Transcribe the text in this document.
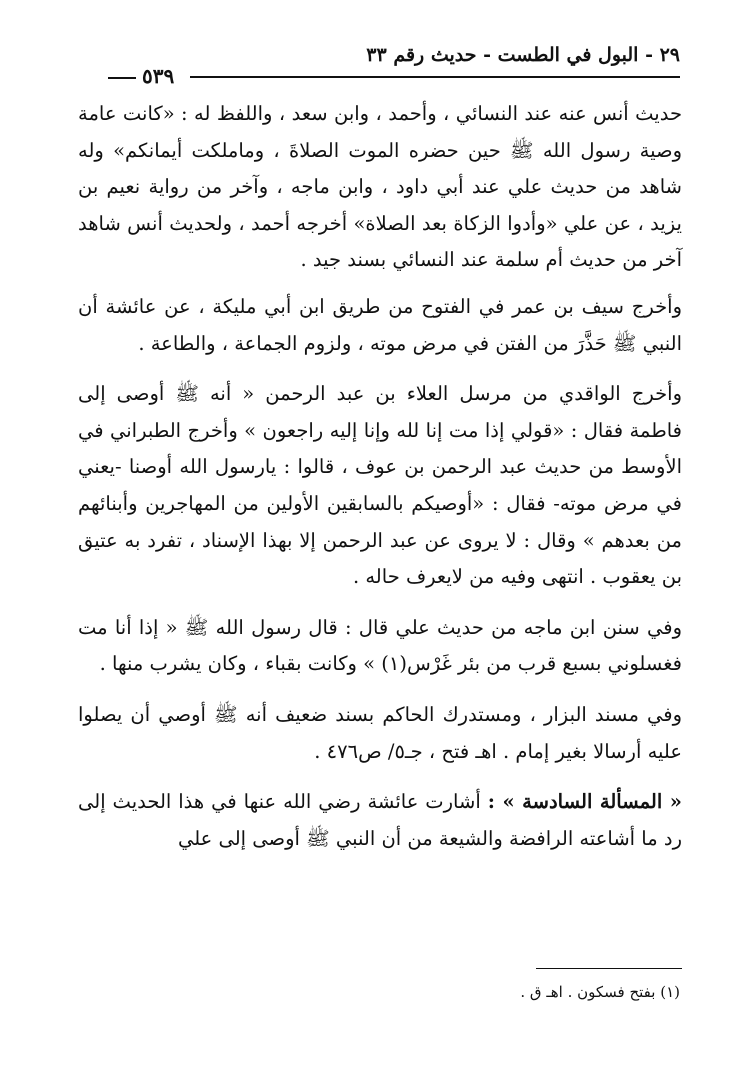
٢٩ - البول في الطست - حديث رقم ٣٣
٥٣٩

حديث أنس عنه عند النسائي ، وأحمد ، وابن سعد ، واللفظ له : «كانت عامة وصية رسول الله ﷺ حين حضره الموت الصلاةَ ، وماملكت أيمانكم» وله شاهد من حديث علي عند أبي داود ، وابن ماجه ، وآخر من رواية نعيم بن يزيد ، عن علي «وأدوا الزكاة بعد الصلاة» أخرجه أحمد ، ولحديث أنس شاهد آخر من حديث أم سلمة عند النسائي بسند جيد .

وأخرج سيف بن عمر في الفتوح من طريق ابن أبي مليكة ، عن عائشة أن النبي ﷺ حَذَّرَ من الفتن في مرض موته ، ولزوم الجماعة ، والطاعة .

وأخرج الواقدي من مرسل العلاء بن عبد الرحمن « أنه ﷺ أوصى إلى فاطمة فقال : «قولي إذا مت إنا لله وإنا إليه راجعون » وأخرج الطبراني في الأوسط من حديث عبد الرحمن بن عوف ، قالوا : يارسول الله أوصنا -يعني في مرض موته- فقال : «أوصيكم بالسابقين الأولين من المهاجرين وأبنائهم من بعدهم » وقال : لا يروى عن عبد الرحمن إلا بهذا الإسناد ، تفرد به عتيق بن يعقوب . انتهى وفيه من لايعرف حاله .

وفي سنن ابن ماجه من حديث علي قال : قال رسول الله ﷺ « إذا أنا مت فغسلوني بسبع قرب من بئر غَرْس(١) » وكانت بقباء ، وكان يشرب منها .

وفي مسند البزار ، ومستدرك الحاكم بسند ضعيف أنه ﷺ أوصي أن يصلوا عليه أرسالا بغير إمام . اهـ فتح ، جـ٥/ ص٤٧٦ .

« المسألة السادسة » : أشارت عائشة رضي الله عنها في هذا الحديث إلى رد ما أشاعته الرافضة والشيعة من أن النبي ﷺ أوصى إلى علي

(١) بفتح فسكون . اهـ ق .
